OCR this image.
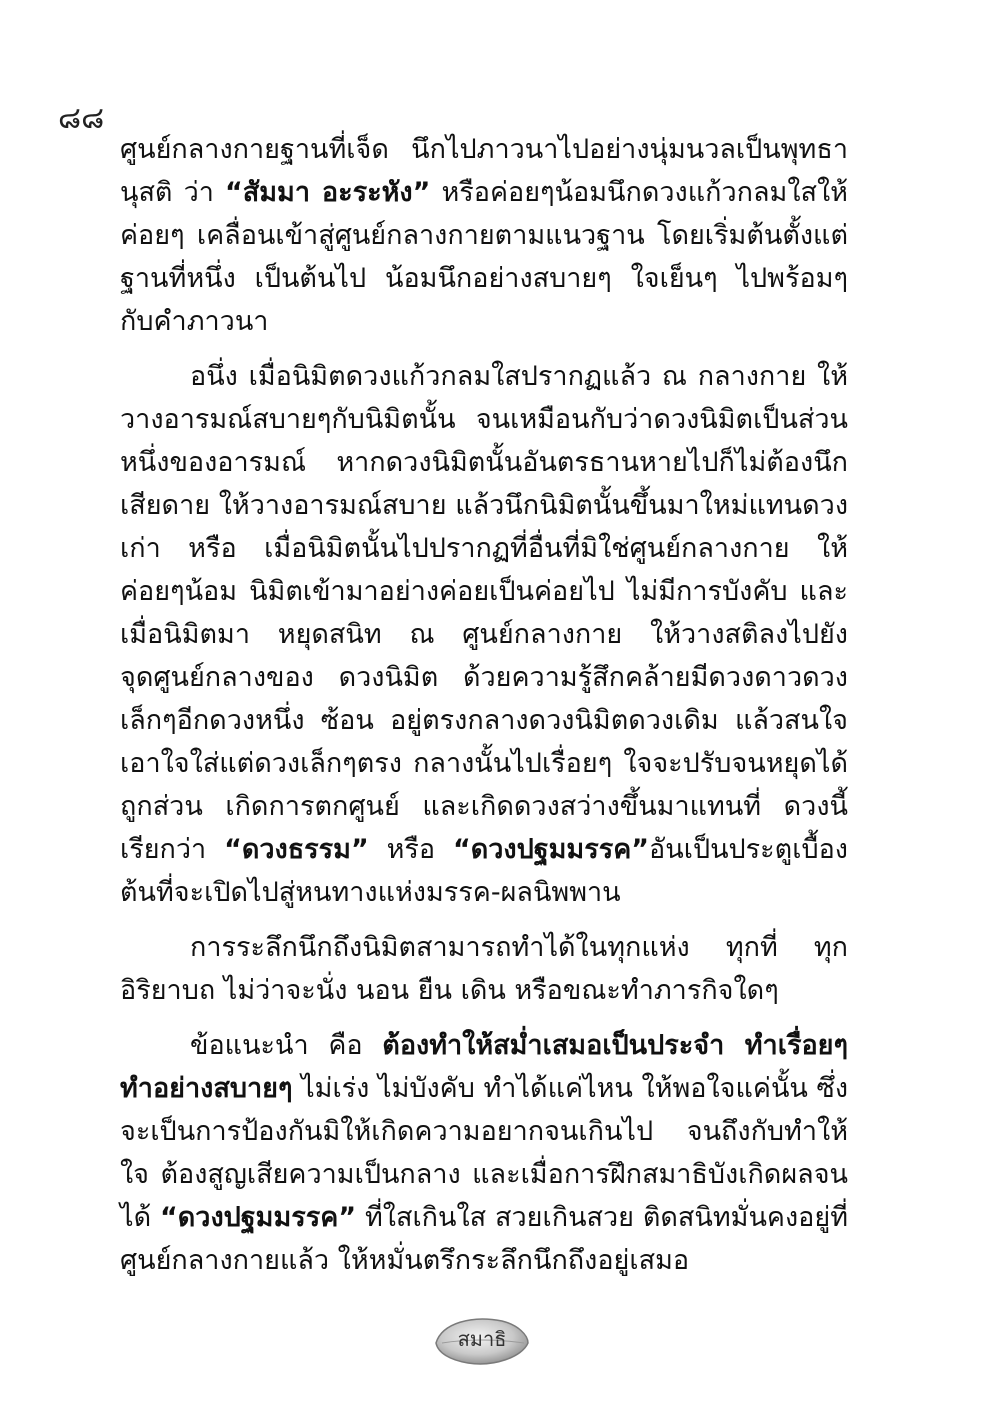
๘๘

ศูนย์กลางกายฐานที่เจ็ด นึกไปภาวนาไปอย่างนุ่มนวลเป็นพุทธานุสติ ว่า “สัมมา อะระหัง” หรือค่อยๆน้อมนึกดวงแก้วกลมใสให้ค่อยๆ เคลื่อนเข้าสู่ศูนย์กลางกายตามแนวฐาน โดยเริ่มต้นตั้งแต่ฐานที่หนึ่ง เป็นต้นไป น้อมนึกอย่างสบายๆ ใจเย็นๆ ไปพร้อมๆ กับคำภาวนา

อนึ่ง เมื่อนิมิตดวงแก้วกลมใสปรากฏแล้ว ณ กลางกาย ให้วางอารมณ์สบายๆกับนิมิตนั้น จนเหมือนกับว่าดวงนิมิตเป็นส่วนหนึ่งของอารมณ์ หากดวงนิมิตนั้นอันตรธานหายไปก็ไม่ต้องนึกเสียดาย ให้วางอารมณ์สบาย แล้วนึกนิมิตนั้นขึ้นมาใหม่แทนดวงเก่า หรือ เมื่อนิมิตนั้นไปปรากฏที่อื่นที่มิใช่ศูนย์กลางกาย ให้ค่อยๆน้อม นิมิตเข้ามาอย่างค่อยเป็นค่อยไป ไม่มีการบังคับ และเมื่อนิมิตมา หยุดสนิท ณ ศูนย์กลางกาย ให้วางสติลงไปยังจุดศูนย์กลางของ ดวงนิมิต ด้วยความรู้สึกคล้ายมีดวงดาวดวงเล็กๆอีกดวงหนึ่ง ซ้อน อยู่ตรงกลางดวงนิมิตดวงเดิม แล้วสนใจเอาใจใส่แต่ดวงเล็กๆตรง กลางนั้นไปเรื่อยๆ ใจจะปรับจนหยุดได้ถูกส่วน เกิดการตกศูนย์ และเกิดดวงสว่างขึ้นมาแทนที่ ดวงนี้เรียกว่า “ดวงธรรม” หรือ “ดวงปฐมมรรค”อันเป็นประตูเบื้องต้นที่จะเปิดไปสู่หนทางแห่งมรรค-ผลนิพพาน

การระลึกนึกถึงนิมิตสามารถทำได้ในทุกแห่ง ทุกที่ ทุก อิริยาบถ ไม่ว่าจะนั่ง นอน ยืน เดิน หรือขณะทำภารกิจใดๆ

ข้อแนะนำ คือ ต้องทำให้สม่ำเสมอเป็นประจำ ทำเรื่อยๆ ทำอย่างสบายๆ ไม่เร่ง ไม่บังคับ ทำได้แค่ไหน ให้พอใจแค่นั้น ซึ่ง จะเป็นการป้องกันมิให้เกิดความอยากจนเกินไป จนถึงกับทำให้ใจ ต้องสูญเสียความเป็นกลาง และเมื่อการฝึกสมาธิบังเกิดผลจนได้ “ดวงปฐมมรรค” ที่ใสเกินใส สวยเกินสวย ติดสนิทมั่นคงอยู่ที่ ศูนย์กลางกายแล้ว ให้หมั่นตรึกระลึกนึกถึงอยู่เสมอ

สมาธิ
